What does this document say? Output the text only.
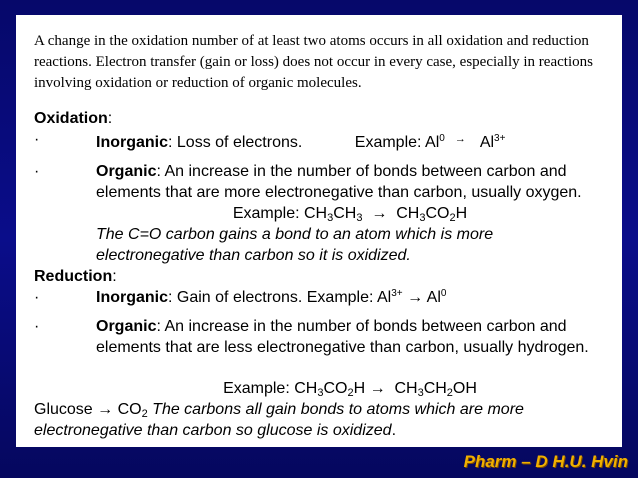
A change in the oxidation number of at least two atoms occurs in all oxidation and reduction reactions. Electron transfer (gain or loss) does not occur in every case, especially in reactions involving oxidation or reduction of organic molecules.

Oxidation:
·	Inorganic: Loss of electrons.	Example: Al$^0$ → $Al^{3+}$
·	Organic: An increase in the number of bonds between carbon and elements that are more electronegative than carbon, usually oxygen.
Example: $CH_3CH_3 \to CH_3CO_2H$
The C=O carbon gains a bond to an atom which is more electronegative than carbon so it is oxidized.
Reduction:
·	Inorganic: Gain of electrons. Example: $Al^{3+} \to Al^0$
·	Organic: An increase in the number of bonds between carbon and elements that are less electronegative than carbon, usually hydrogen.
Example: $CH_3CO_2H \to CH_3CH_2OH$
$Glucose \to CO_2$ The carbons all gain bonds to atoms which are more electronegative than carbon so glucose is oxidized.
Pharm – D H.U. Hvin
